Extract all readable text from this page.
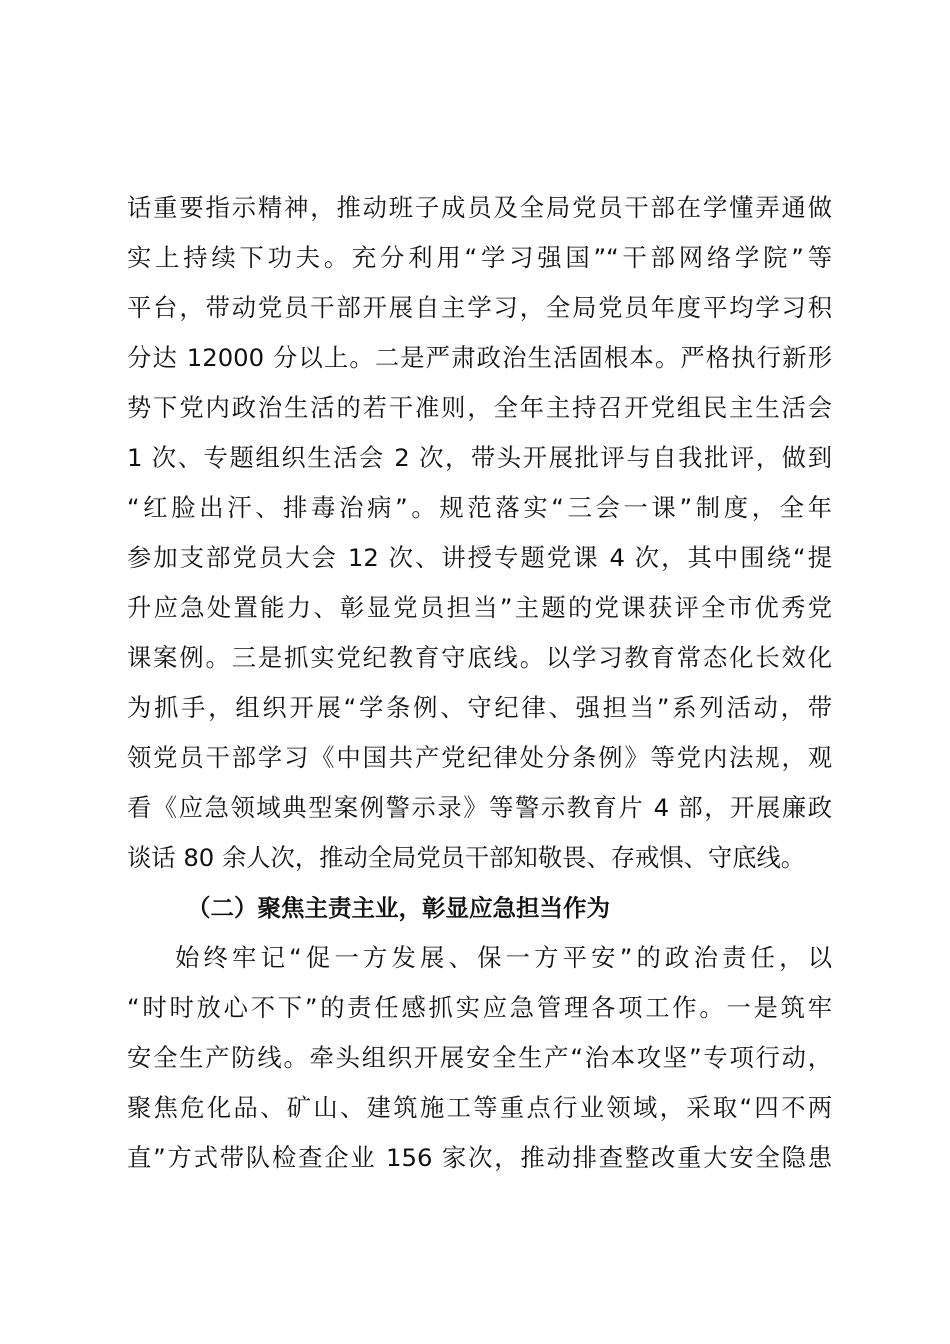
话重要指示精神，推动班子成员及全局党员干部在学懂弄通做
实上持续下功夫。充分利用“学习强国”“干部网络学院”等
平台，带动党员干部开展自主学习，全局党员年度平均学习积
分达 12000 分以上。二是严肃政治生活固根本。严格执行新形
势下党内政治生活的若干准则，全年主持召开党组民主生活会
1 次、专题组织生活会 2 次，带头开展批评与自我批评，做到
“红脸出汗、排毒治病”。规范落实“三会一课”制度，全年
参加支部党员大会 12 次、讲授专题党课 4 次，其中围绕“提
升应急处置能力、彰显党员担当”主题的党课获评全市优秀党
课案例。三是抓实党纪教育守底线。以学习教育常态化长效化
为抓手，组织开展“学条例、守纪律、强担当”系列活动，带
领党员干部学习《中国共产党纪律处分条例》等党内法规，观
看《应急领域典型案例警示录》等警示教育片 4 部，开展廉政
谈话 80 余人次，推动全局党员干部知敬畏、存戒惧、守底线。
（二）聚焦主责主业，彰显应急担当作为
始终牢记“促一方发展、保一方平安”的政治责任，以
“时时放心不下”的责任感抓实应急管理各项工作。一是筑牢
安全生产防线。牵头组织开展安全生产“治本攻坚”专项行动，
聚焦危化品、矿山、建筑施工等重点行业领域，采取“四不两
直”方式带队检查企业 156 家次，推动排查整改重大安全隐患
